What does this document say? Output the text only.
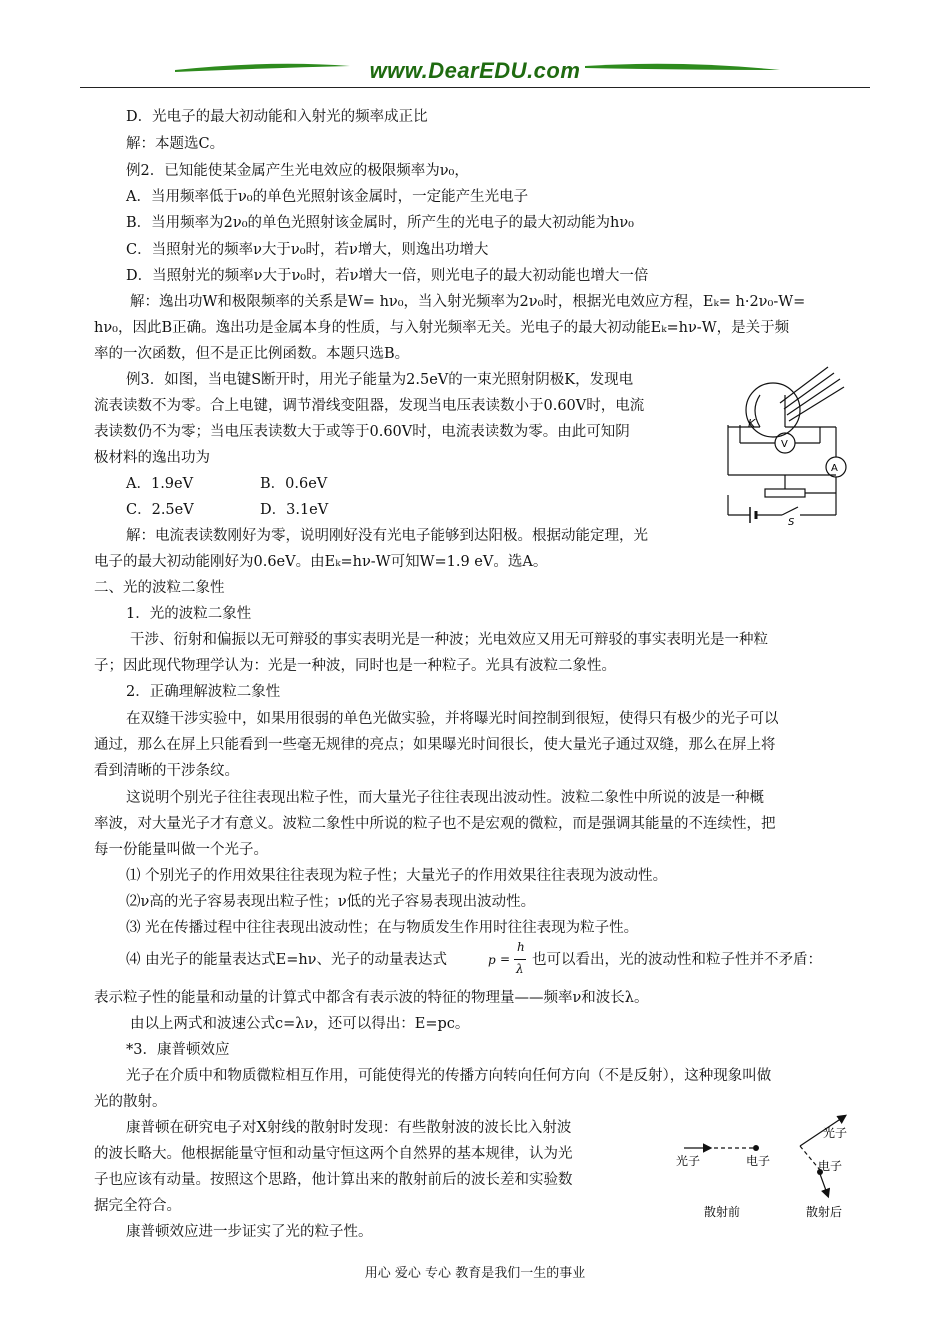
www.DearEDU.com
D．光电子的最大初动能和入射光的频率成正比
解：本题选C。
例2．已知能使某金属产生光电效应的极限频率为ν₀，
A．当用频率低于ν₀的单色光照射该金属时，一定能产生光电子
B．当用频率为2ν₀的单色光照射该金属时，所产生的光电子的最大初动能为hν₀
C．当照射光的频率ν大于ν₀时，若ν增大，则逸出功增大
D．当照射光的频率ν大于ν₀时，若ν增大一倍，则光电子的最大初动能也增大一倍
解：逸出功W和极限频率的关系是W= hν₀，当入射光频率为2ν₀时，根据光电效应方程，Eₖ= h·2ν₀-W=
hν₀，因此B正确。逸出功是金属本身的性质，与入射光频率无关。光电子的最大初动能Eₖ=hν-W，是关于频
率的一次函数，但不是正比例函数。本题只选B。
例3．如图，当电键S断开时，用光子能量为2.5eV的一束光照射阴极K，发现电
流表读数不为零。合上电键，调节滑线变阻器，发现当电压表读数小于0.60V时，电流
表读数仍不为零；当电压表读数大于或等于0.60V时，电流表读数为零。由此可知阴
极材料的逸出功为
A．1.9eV	B．0.6eV
C．2.5eV	D．3.1eV
解：电流表读数刚好为零，说明刚好没有光电子能够到达阳极。根据动能定理，光
电子的最大初动能刚好为0.6eV。由Eₖ=hν-W可知W=1.9 eV。选A。
K
V
A
S
二、光的波粒二象性
1．光的波粒二象性
干涉、衍射和偏振以无可辩驳的事实表明光是一种波；光电效应又用无可辩驳的事实表明光是一种粒
子；因此现代物理学认为：光是一种波，同时也是一种粒子。光具有波粒二象性。
2．正确理解波粒二象性
在双缝干涉实验中，如果用很弱的单色光做实验，并将曝光时间控制到很短，使得只有极少的光子可以
通过，那么在屏上只能看到一些毫无规律的亮点；如果曝光时间很长，使大量光子通过双缝，那么在屏上将
看到清晰的干涉条纹。
这说明个别光子往往表现出粒子性，而大量光子往往表现出波动性。波粒二象性中所说的波是一种概
率波，对大量光子才有意义。波粒二象性中所说的粒子也不是宏观的微粒，而是强调其能量的不连续性，把
每一份能量叫做一个光子。
⑴ 个别光子的作用效果往往表现为粒子性；大量光子的作用效果往往表现为波动性。
⑵ν高的光子容易表现出粒子性；ν低的光子容易表现出波动性。
⑶ 光在传播过程中往往表现出波动性；在与物质发生作用时往往表现为粒子性。
⑷ 由光子的能量表达式E=hν、光子的动量表达式	p =
h
λ
也可以看出，光的波动性和粒子性并不矛盾：
表示粒子性的能量和动量的计算式中都含有表示波的特征的物理量——频率ν和波长λ。
由以上两式和波速公式c=λν，还可以得出：E=pc。
*3．康普顿效应
光子在介质中和物质微粒相互作用，可能使得光的传播方向转向任何方向（不是反射），这种现象叫做
光的散射。
康普顿在研究电子对X射线的散射时发现：有些散射波的波长比入射波
的波长略大。他根据能量守恒和动量守恒这两个自然界的基本规律，认为光
子也应该有动量。按照这个思路，他计算出来的散射前后的波长差和实验数
据完全符合。
康普顿效应进一步证实了光的粒子性。
光子	电子
光子
电子
散射前	散射后
用心 爱心 专心 教育是我们一生的事业
